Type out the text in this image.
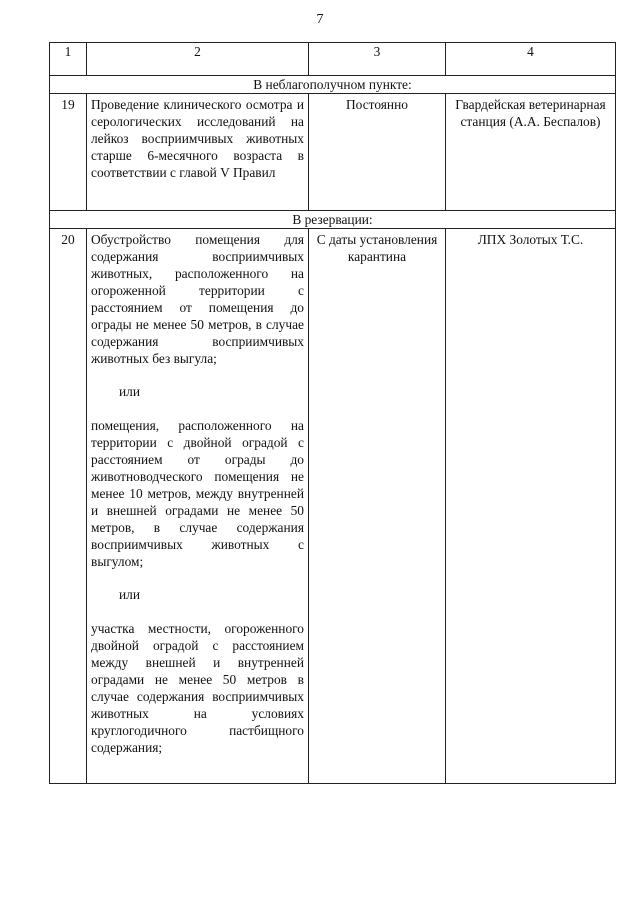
7
1	2	3	4
В неблагополучном пункте:			
19	Проведение клинического осмотра и серологических исследований на лейкоз восприимчивых животных старше 6-месячного возраста в соответствии с главой V Правил	Постоянно	Гвардейская ветеринарная станция (А.А. Беспалов)
В резервации:			
20	Обустройство помещения для содержания восприимчивых животных, расположенного на огороженной территории с расстоянием от помещения до ограды не менее 50 метров, в случае содержания восприимчивых животных без выгула;

или

помещения, расположенного на территории с двойной оградой с расстоянием от ограды до животноводческого помещения не менее 10 метров, между внутренней и внешней оградами не менее 50 метров, в случае содержания восприимчивых животных с выгулом;

или

участка местности, огороженного двойной оградой с расстоянием между внешней и внутренней оградами не менее 50 метров в случае содержания восприимчивых животных на условиях круглогодичного пастбищного содержания;	С даты установления карантина	ЛПХ Золотых Т.С.
